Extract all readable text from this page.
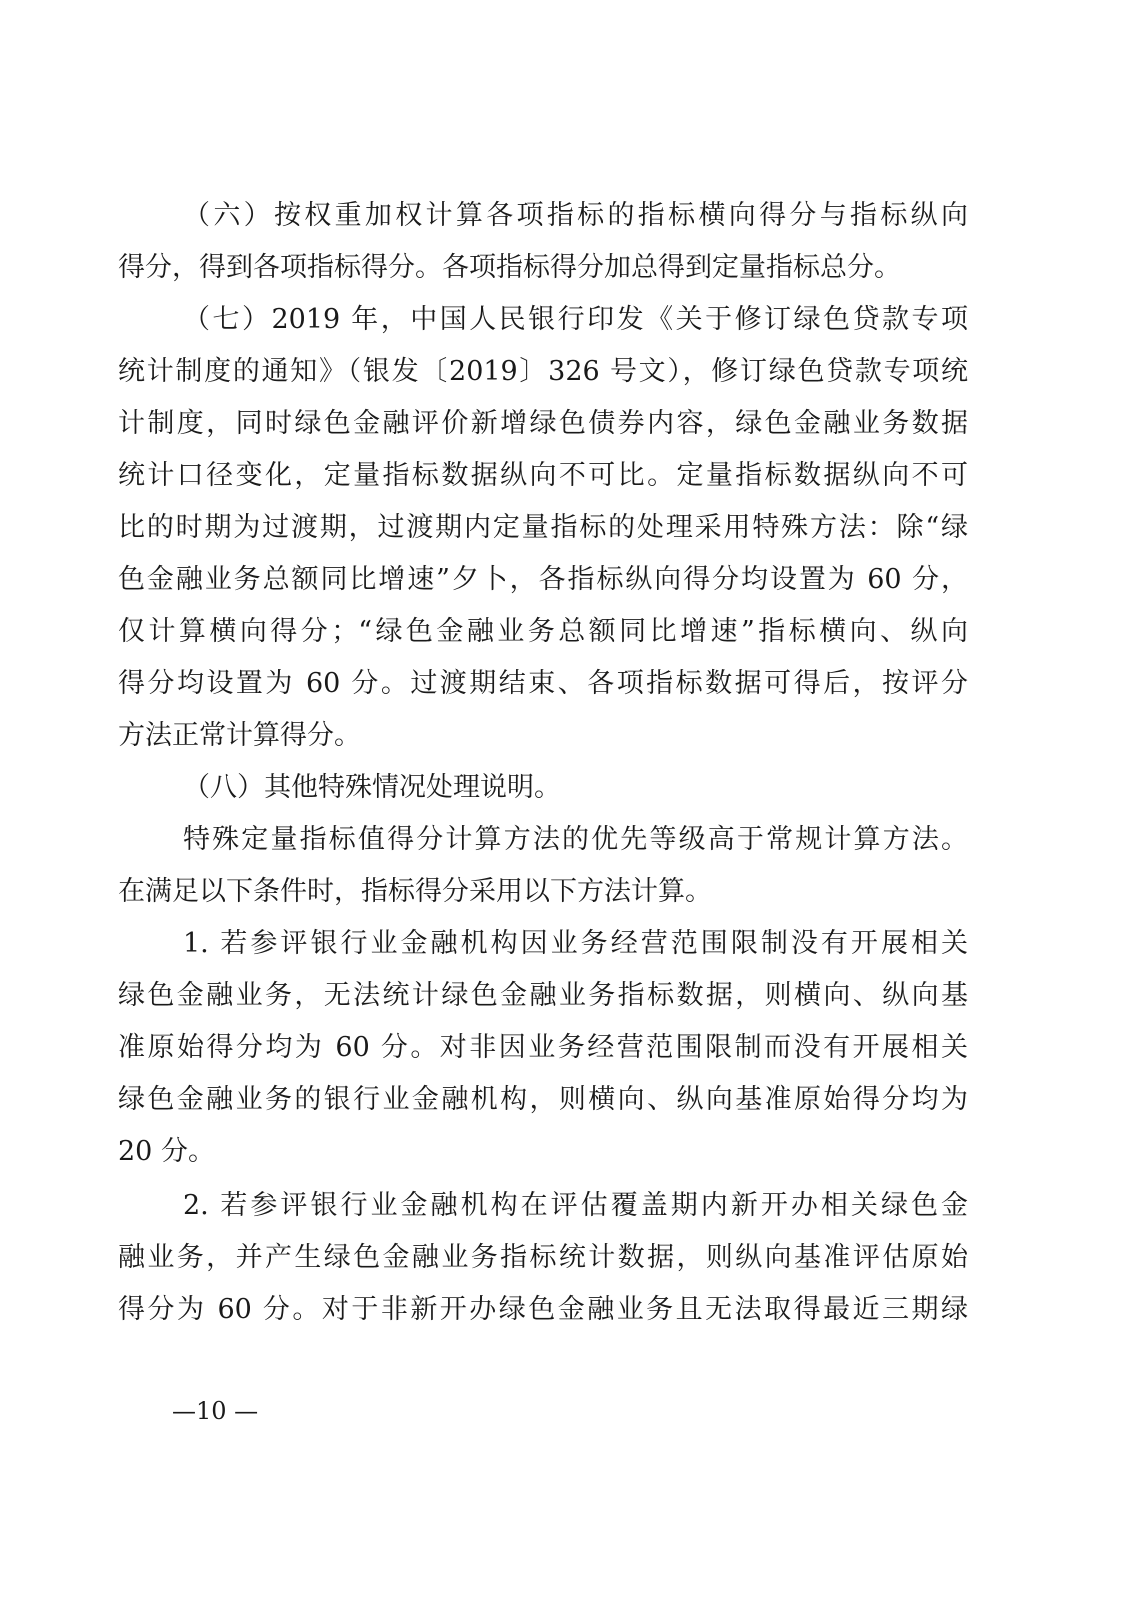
（六）按权重加权计算各项指标的指标横向得分与指标纵向
得分，得到各项指标得分。各项指标得分加总得到定量指标总分。
（七）2019 年，中国人民银行印发《关于修订绿色贷款专项
统计制度的通知》（银发〔2019〕326 号文），修订绿色贷款专项统
计制度，同时绿色金融评价新增绿色债券内容，绿色金融业务数据
统计口径变化，定量指标数据纵向不可比。定量指标数据纵向不可
比的时期为过渡期，过渡期内定量指标的处理采用特殊方法：除“绿
色金融业务总额同比增速”夕卜，各指标纵向得分均设置为 60 分，
仅计算横向得分；“绿色金融业务总额同比增速”指标横向、纵向
得分均设置为 60 分。过渡期结束、各项指标数据可得后，按评分
方法正常计算得分。
（八）其他特殊情况处理说明。
特殊定量指标值得分计算方法的优先等级高于常规计算方法。
在满足以下条件时，指标得分采用以下方法计算。
1. 若参评银行业金融机构因业务经营范围限制没有开展相关
绿色金融业务，无法统计绿色金融业务指标数据，则横向、纵向基
准原始得分均为 60 分。对非因业务经营范围限制而没有开展相关
绿色金融业务的银行业金融机构，则横向、纵向基准原始得分均为
20 分。
2. 若参评银行业金融机构在评估覆盖期内新开办相关绿色金
融业务，并产生绿色金融业务指标统计数据，则纵向基准评估原始
得分为 60 分。对于非新开办绿色金融业务且无法取得最近三期绿
—10 —
